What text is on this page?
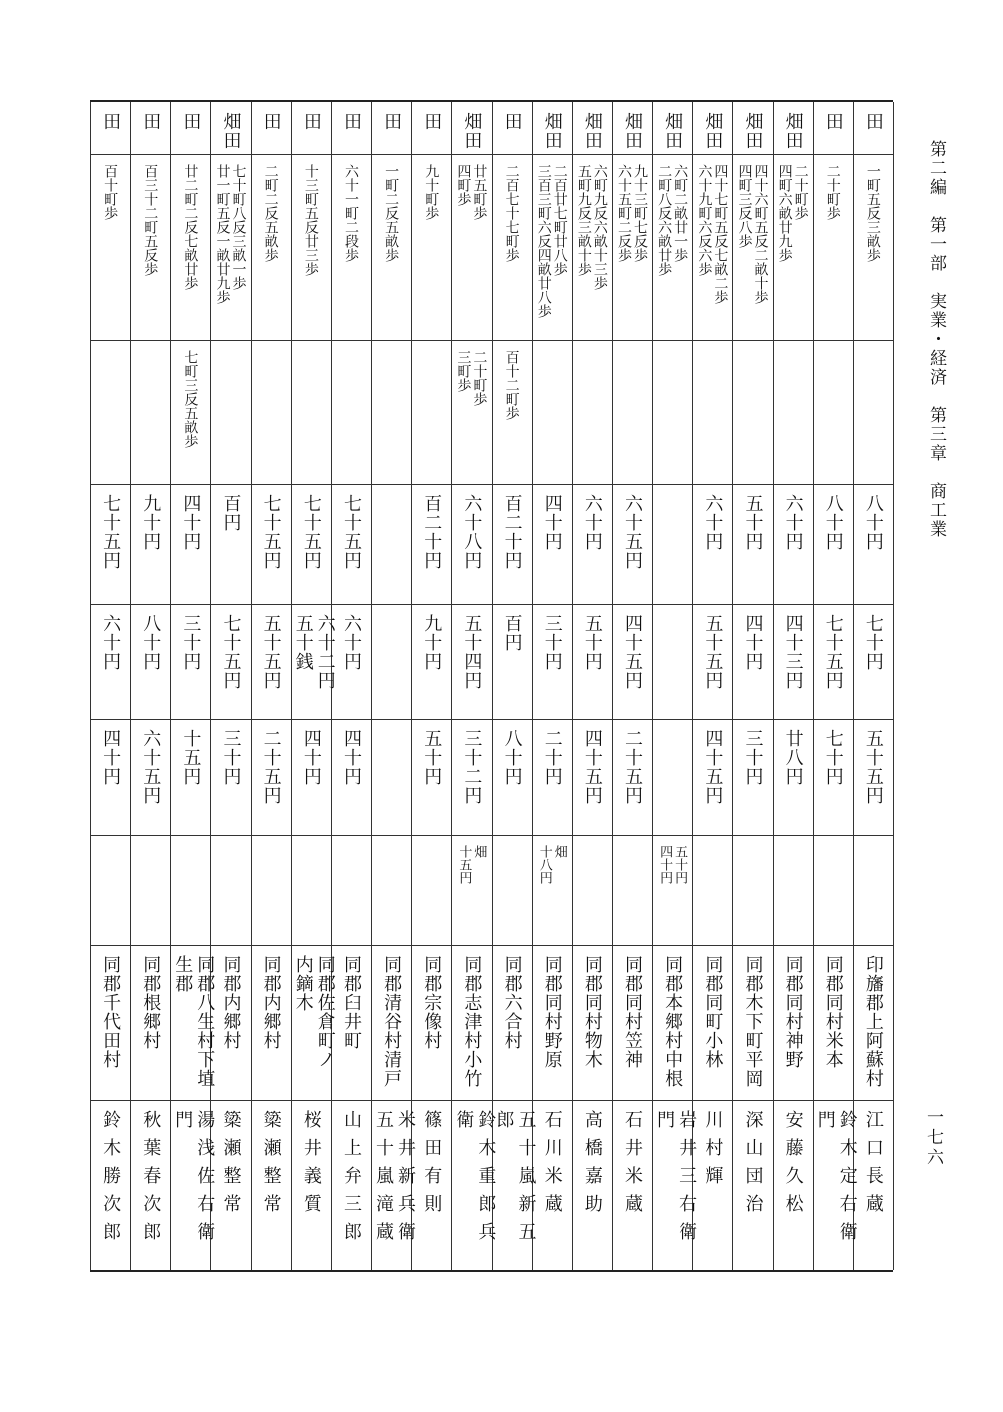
第二編　第一部　実業・経済　第三章　商工業
一七六
田
一町五反三畝歩
八十円
七十円
五十五円
印旛郡上阿蘇村
江口長蔵
田
二十町歩
八十円
七十五円
七十円
同郡同村米本
鈴木定右衛門
畑田
二十町歩
四町六畝廿九歩
六十円
四十三円
廿八円
同郡同村神野
安藤久松
畑田
四十六町五反二畝十歩
四町三反八歩
五十円
四十円
三十円
同郡木下町平岡
深山団治
畑田
四十七町五反七畝二歩
六十九町六反六歩
六十円
五十五円
四十五円
同郡同町小林
川村輝
畑田
六町二畝廿一歩
二町八反六畝廿歩
五十円
四十円
同郡本郷村中根
岩井三右衛門
畑田
九十三町七反歩
六十五町二反歩
六十五円
四十五円
二十五円
同郡同村笠神
石井米蔵
畑田
六町九反六畝十三歩
五町九反三畝十歩
六十円
五十円
四十五円
同郡同村物木
高橋嘉助
畑田
二百廿七町廿八歩
三百三町六反四畝廿八歩
四十円
三十円
二十円
畑
十八円
同郡同村野原
石川米蔵
田
二百七十七町歩
百十二町歩
百二十円
百円
八十円
同郡六合村
五十嵐新五郎
畑田
廿五町歩
四町歩
二十町歩
三町歩
六十八円
五十四円
三十二円
畑
十五円
同郡志津村小竹
鈴木重郎兵衛
田
九十町歩
百二十円
九十円
五十円
同郡宗像村
篠田有則
田
一町二反五畝歩
同郡清谷村清戸
米井新兵衛
五十嵐滝蔵
田
六十一町二段歩
七十五円
六十円
四十円
同郡臼井町
山上弁三郎
田
十三町五反廿三歩
七十五円
六十二円
五十銭
四十円
同郡佐倉町ノ
内鏑木
桜井義質
田
二町二反五畝歩
七十五円
五十五円
二十五円
同郡内郷村
簗瀬整常
畑田
七十町八反三畝一歩
廿一町五反一畝廿九歩
百円
七十五円
三十円
同郡内郷村
簗瀬整常
田
廿二町二反七畝廿歩
七町三反五畝歩
四十円
三十円
十五円
同郡八生村下埴生郡
湯浅佐右衛門
田
百三十二町五反歩
九十円
八十円
六十五円
同郡根郷村
秋葉春次郎
田
百十町歩
七十五円
六十円
四十円
同郡千代田村
鈴木勝次郎
